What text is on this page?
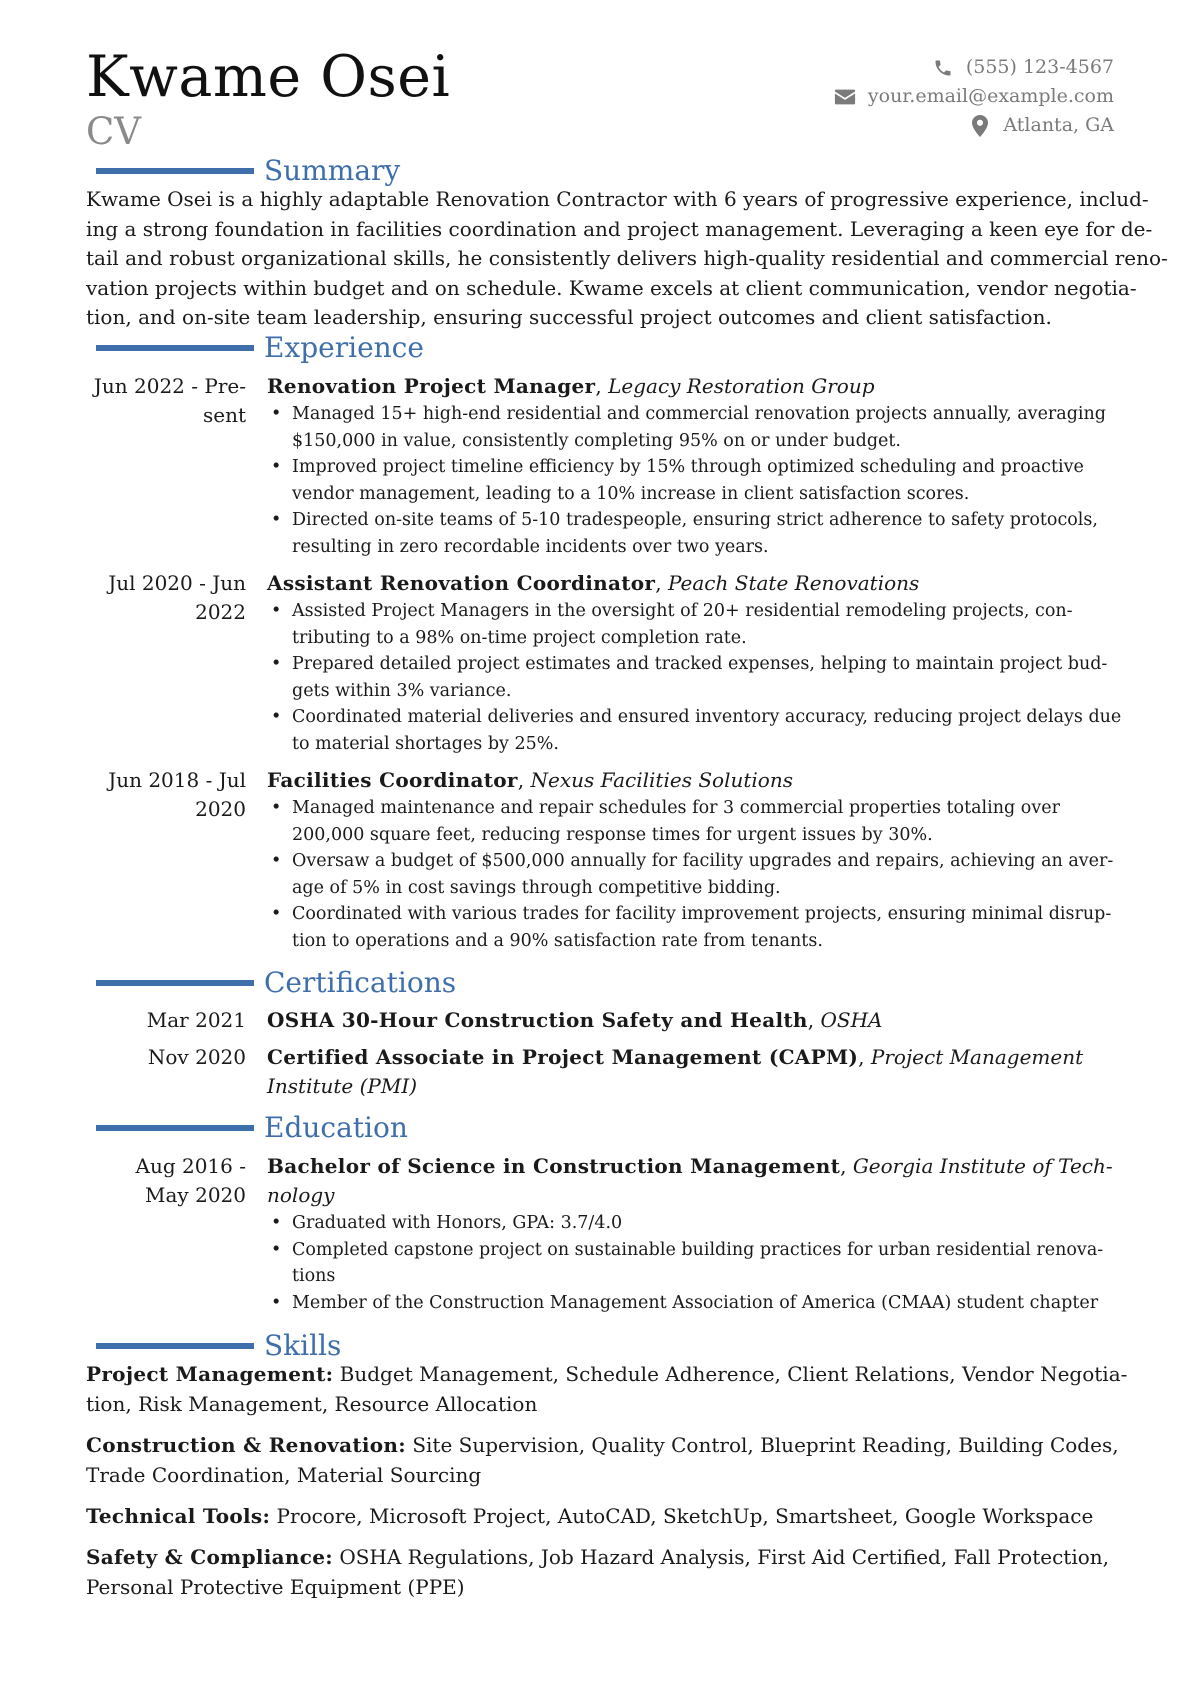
Kwame Osei
CV
(555) 123-4567
your.email@example.com
Atlanta, GA
Summary
Kwame Osei is a highly adaptable Renovation Contractor with 6 years of progressive experience, includ-
ing a strong foundation in facilities coordination and project management. Leveraging a keen eye for de-
tail and robust organizational skills, he consistently delivers high-quality residential and commercial reno-
vation projects within budget and on schedule. Kwame excels at client communication, vendor negotia-
tion, and on-site team leadership, ensuring successful project outcomes and client satisfaction.
Experience
Jun 2022 - Pre-
sent
Renovation Project Manager, Legacy Restoration Group
• Managed 15+ high-end residential and commercial renovation projects annually, averaging
$150,000 in value, consistently completing 95% on or under budget.
• Improved project timeline efficiency by 15% through optimized scheduling and proactive
vendor management, leading to a 10% increase in client satisfaction scores.
• Directed on-site teams of 5-10 tradespeople, ensuring strict adherence to safety protocols,
resulting in zero recordable incidents over two years.
Jul 2020 - Jun
2022
Assistant Renovation Coordinator, Peach State Renovations
• Assisted Project Managers in the oversight of 20+ residential remodeling projects, con-
tributing to a 98% on-time project completion rate.
• Prepared detailed project estimates and tracked expenses, helping to maintain project bud-
gets within 3% variance.
• Coordinated material deliveries and ensured inventory accuracy, reducing project delays due
to material shortages by 25%.
Jun 2018 - Jul
2020
Facilities Coordinator, Nexus Facilities Solutions
• Managed maintenance and repair schedules for 3 commercial properties totaling over
200,000 square feet, reducing response times for urgent issues by 30%.
• Oversaw a budget of $500,000 annually for facility upgrades and repairs, achieving an aver-
age of 5% in cost savings through competitive bidding.
• Coordinated with various trades for facility improvement projects, ensuring minimal disrup-
tion to operations and a 90% satisfaction rate from tenants.
Certifications
Mar 2021 OSHA 30-Hour Construction Safety and Health, OSHA
Nov 2020 Certified Associate in Project Management (CAPM), Project Management
Institute (PMI)
Education
Aug 2016 -
May 2020
Bachelor of Science in Construction Management, Georgia Institute of Tech-
nology
• Graduated with Honors, GPA: 3.7/4.0
• Completed capstone project on sustainable building practices for urban residential renova-
tions
• Member of the Construction Management Association of America (CMAA) student chapter
Skills
Project Management: Budget Management, Schedule Adherence, Client Relations, Vendor Negotia-
tion, Risk Management, Resource Allocation
Construction & Renovation: Site Supervision, Quality Control, Blueprint Reading, Building Codes,
Trade Coordination, Material Sourcing
Technical Tools: Procore, Microsoft Project, AutoCAD, SketchUp, Smartsheet, Google Workspace
Safety & Compliance: OSHA Regulations, Job Hazard Analysis, First Aid Certified, Fall Protection,
Personal Protective Equipment (PPE)
